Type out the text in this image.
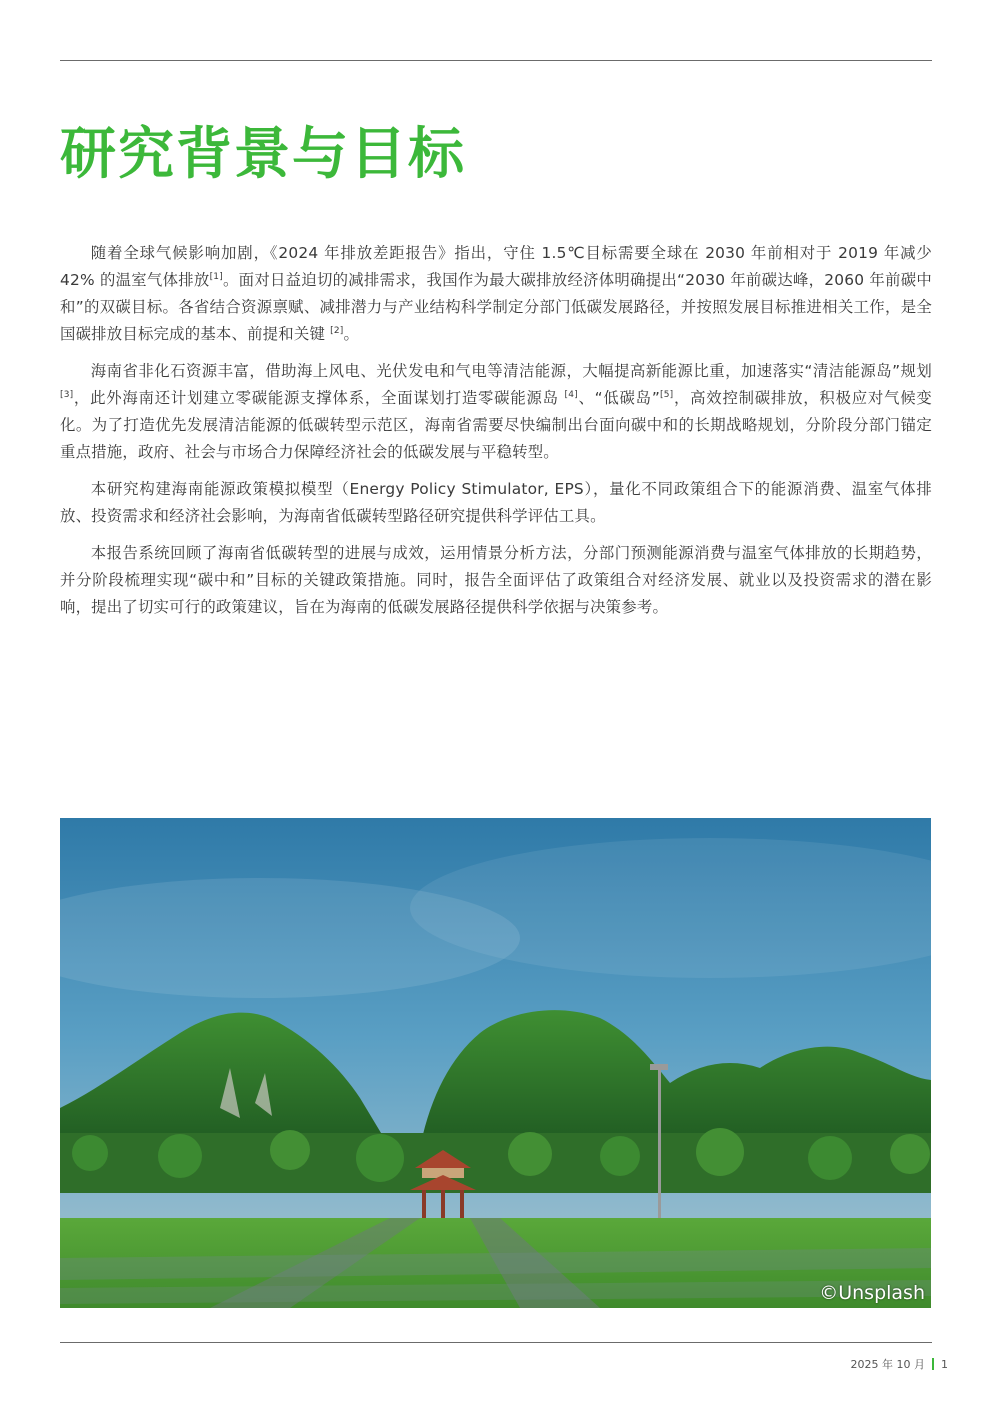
研究背景与目标

随着全球气候影响加剧，《2024 年排放差距报告》指出，守住 1.5℃目标需要全球在 2030 年前相对于 2019 年减少 42% 的温室气体排放[1]。面对日益迫切的减排需求，我国作为最大碳排放经济体明确提出“2030 年前碳达峰，2060 年前碳中和”的双碳目标。各省结合资源禀赋、减排潜力与产业结构科学制定分部门低碳发展路径，并按照发展目标推进相关工作，是全国碳排放目标完成的基本、前提和关键 [2]。

海南省非化石资源丰富，借助海上风电、光伏发电和气电等清洁能源，大幅提高新能源比重，加速落实“清洁能源岛”规划 [3]，此外海南还计划建立零碳能源支撑体系，全面谋划打造零碳能源岛 [4]、“低碳岛”[5]，高效控制碳排放，积极应对气候变化。为了打造优先发展清洁能源的低碳转型示范区，海南省需要尽快编制出台面向碳中和的长期战略规划，分阶段分部门锚定重点措施，政府、社会与市场合力保障经济社会的低碳发展与平稳转型。

本研究构建海南能源政策模拟模型（Energy Policy Stimulator, EPS），量化不同政策组合下的能源消费、温室气体排放、投资需求和经济社会影响，为海南省低碳转型路径研究提供科学评估工具。

本报告系统回顾了海南省低碳转型的进展与成效，运用情景分析方法，分部门预测能源消费与温室气体排放的长期趋势，并分阶段梳理实现“碳中和”目标的关键政策措施。同时，报告全面评估了政策组合对经济发展、就业以及投资需求的潜在影响，提出了切实可行的政策建议，旨在为海南的低碳发展路径提供科学依据与决策参考。

©Unsplash
2025 年 10 月 1
